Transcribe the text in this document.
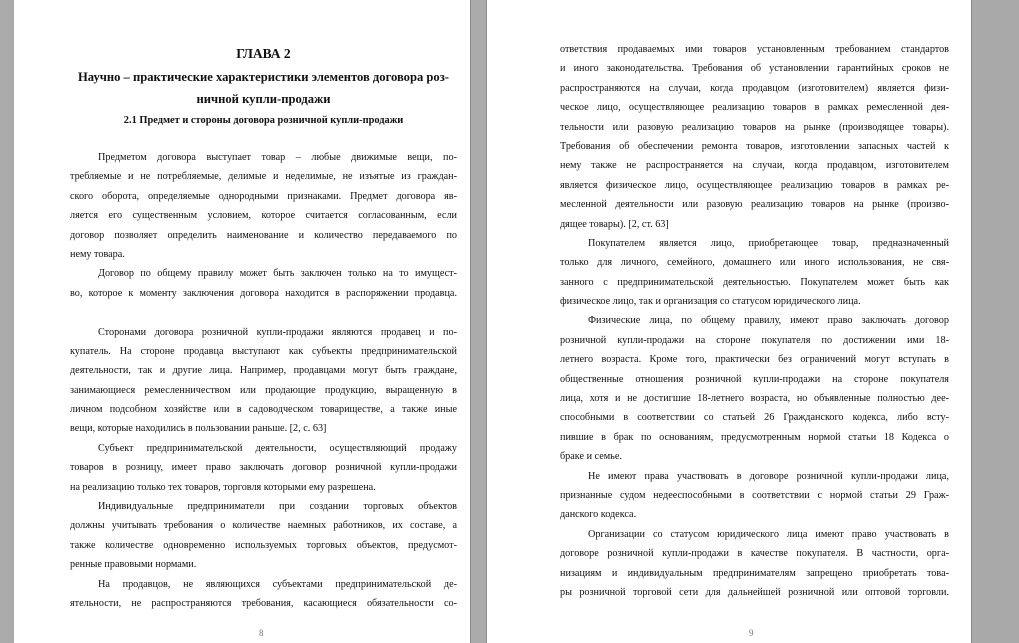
ГЛАВА 2
Научно – практические характеристики элементов договора роз-
ничной купли-продажи
2.1 Предмет и стороны договора розничной купли-продажи
Предметом договора выступает товар – любые движимые вещи, по-
требляемые и не потребляемые, делимые и неделимые, не изъятые из граждан-
ского оборота, определяемые однородными признаками. Предмет договора яв-
ляется его существенным условием, которое считается согласованным, если
договор позволяет определить наименование и количество передаваемого по
нему товара.
Договор по общему правилу может быть заключен только на то имущест-
во, которое к моменту заключения договора находится в распоряжении продавца.
Сторонами договора розничной купли-продажи являются продавец и по-
купатель. На стороне продавца выступают как субъекты предпринимательской
деятельности, так и другие лица. Например, продавцами могут быть граждане,
занимающиеся ремесленничеством или продающие продукцию, выращенную в
личном подсобном хозяйстве или в садоводческом товариществе, а также иные
вещи, которые находились в пользовании раньше. [2, с. 63]
Субъект предпринимательской деятельности, осуществляющий продажу
товаров в розницу, имеет право заключать договор розничной купли-продажи
на реализацию только тех товаров, торговля которыми ему разрешена.
Индивидуальные предприниматели при создании торговых объектов
должны учитывать требования о количестве наемных работников, их составе, а
также количестве одновременно используемых торговых объектов, предусмот-
ренные правовыми нормами.
На продавцов, не являющихся субъектами предпринимательской де-
ятельности, не распространяются требования, касающиеся обязательности со-
8
ответствия продаваемых ими товаров установленным требованием стандартов
и иного законодательства. Требования об установлении гарантийных сроков не
распространяются на случаи, когда продавцом (изготовителем) является физи-
ческое лицо, осуществляющее реализацию товаров в рамках ремесленной дея-
тельности или разовую реализацию товаров на рынке (производящее товары).
Требования об обеспечении ремонта товаров, изготовлении запасных частей к
нему также не распространяется на случаи, когда продавцом, изготовителем
является физическое лицо, осуществляющее реализацию товаров в рамках ре-
месленной деятельности или разовую реализацию товаров на рынке (произво-
дящее товары). [2, ст. 63]
Покупателем является лицо, приобретающее товар, предназначенный
только для личного, семейного, домашнего или иного использования, не свя-
занного с предпринимательской деятельностью. Покупателем может быть как
физическое лицо, так и организация со статусом юридического лица.
Физические лица, по общему правилу, имеют право заключать договор
розничной купли-продажи на стороне покупателя по достижении ими 18-
летнего возраста. Кроме того, практически без ограничений могут вступать в
общественные отношения розничной купли-продажи на стороне покупателя
лица, хотя и не достигшие 18-летнего возраста, но объявленные полностью дее-
способными в соответствии со статьей 26 Гражданского кодекса, либо всту-
пившие в брак по основаниям, предусмотренным нормой статьи 18 Кодекса о
браке и семье.
Не имеют права участвовать в договоре розничной купли-продажи лица,
признанные судом недееспособными в соответствии с нормой статьи 29 Граж-
данского кодекса.
Организации со статусом юридического лица имеют право участвовать в
договоре розничной купли-продажи в качестве покупателя. В частности, орга-
низациям и индивидуальным предпринимателям запрещено приобретать това-
ры розничной торговой сети для дальнейшей розничной или оптовой торговли.
9
